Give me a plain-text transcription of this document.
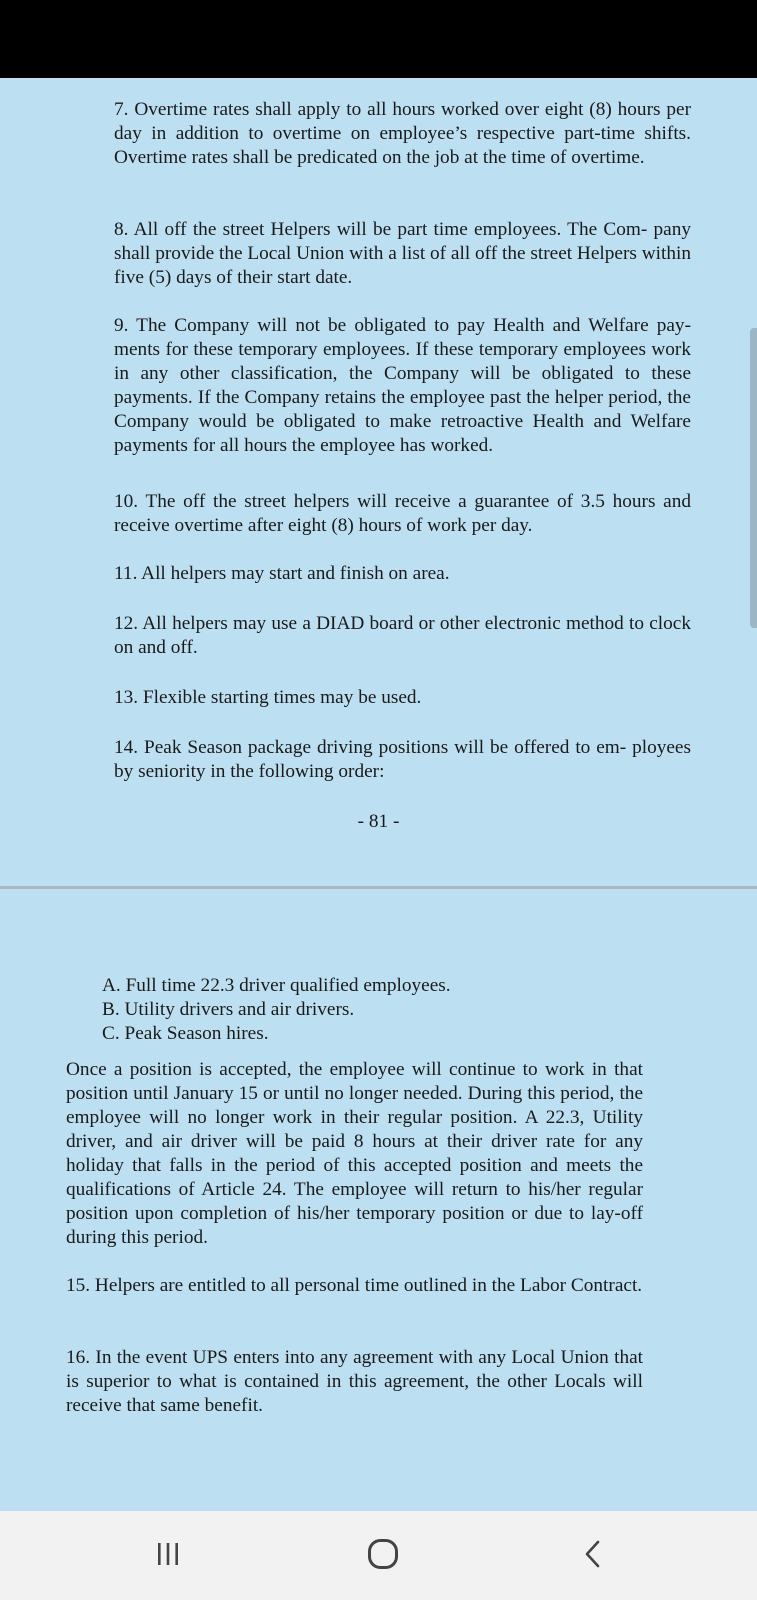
7. Overtime rates shall apply to all hours worked over eight (8) hours per day in addition to overtime on employee’s respective part-time shifts. Overtime rates shall be predicated on the job at the time of overtime.

8. All off the street Helpers will be part time employees. The Com- pany shall provide the Local Union with a list of all off the street Helpers within five (5) days of their start date.

9. The Company will not be obligated to pay Health and Welfare pay- ments for these temporary employees. If these temporary employees work in any other classification, the Company will be obligated to these payments. If the Company retains the employee past the helper period, the Company would be obligated to make retroactive Health and Welfare payments for all hours the employee has worked.

10. The off the street helpers will receive a guarantee of 3.5 hours and receive overtime after eight (8) hours of work per day.

11. All helpers may start and finish on area.

12. All helpers may use a DIAD board or other electronic method to clock on and off.

13. Flexible starting times may be used.

14. Peak Season package driving positions will be offered to em- ployees by seniority in the following order:

- 81 -
A. Full time 22.3 driver qualified employees.
B. Utility drivers and air drivers.
C. Peak Season hires.

Once a position is accepted, the employee will continue to work in that position until January 15 or until no longer needed. During this period, the employee will no longer work in their regular position. A 22.3, Utility driver, and air driver will be paid 8 hours at their driver rate for any holiday that falls in the period of this accepted position and meets the qualifications of Article 24. The employee will return to his/her regular position upon completion of his/her temporary position or due to lay-off during this period.

15. Helpers are entitled to all personal time outlined in the Labor Contract.

16. In the event UPS enters into any agreement with any Local Union that is superior to what is contained in this agreement, the other Locals will receive that same benefit.
